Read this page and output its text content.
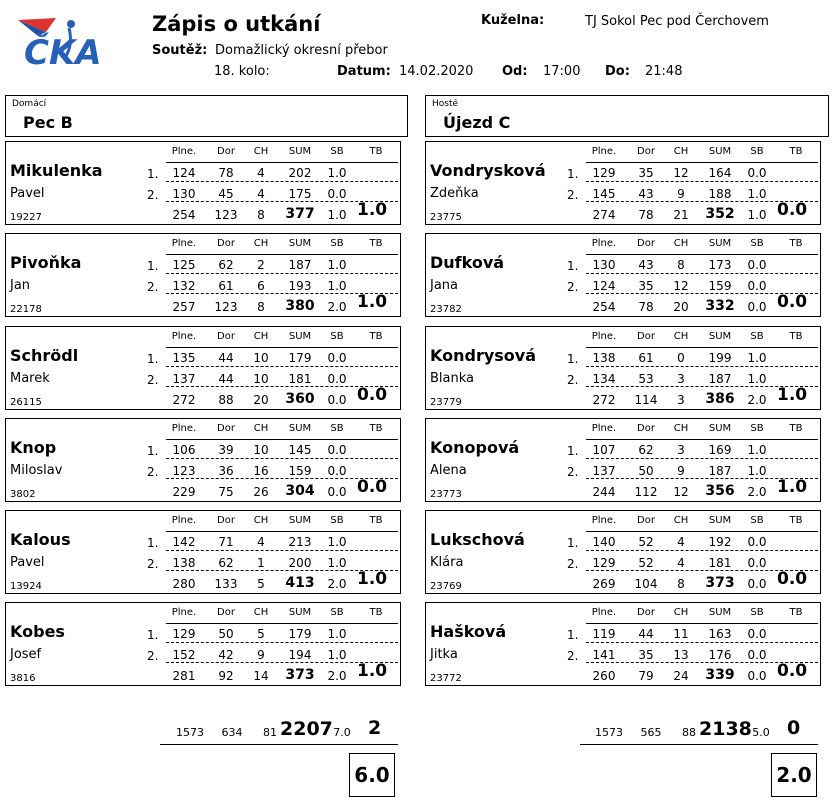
ČKA
Zápis o utkání	Kuželna:	TJ Sokol Pec pod Čerchovem
Soutěž: Domažlický okresní přebor
18. kolo:	Datum: 14.02.2020 Od: 17:00 Do: 21:48
Domácí
Pec B
Hosté
Újezd C
Mikulenka
Pavel
19227
Plne.	Dor	CH	SUM	SB	TB
1.	124	78	4	202	1.0
2.	130	45	4	175	0.0
254	123	8	377	1.0 1.0
Vondrysková
Zdeňka
23775
Plne.	Dor	CH	SUM	SB	TB
1.	129	35	12	164	0.0
2.	145	43	9	188	1.0
274	78	21	352	1.0 0.0
Pivoňka
Jan
22178
Plne.	Dor	CH	SUM	SB	TB
1.	125	62	2	187	1.0
2.	132	61	6	193	1.0
257	123	8	380	2.0 1.0
Dufková
Jana
23782
Plne.	Dor	CH	SUM	SB	TB
1.	130	43	8	173	0.0
2.	124	35	12	159	0.0
254	78	20	332	0.0 0.0
Schrödl
Marek
26115
Plne.	Dor	CH	SUM	SB	TB
1.	135	44	10	179	0.0
2.	137	44	10	181	0.0
272	88	20	360	0.0 0.0
Kondrysová
Blanka
23779
Plne.	Dor	CH	SUM	SB	TB
1.	138	61	0	199	1.0
2.	134	53	3	187	1.0
272	114	3	386	2.0 1.0
Knop
Miloslav
3802
Plne.	Dor	CH	SUM	SB	TB
1.	106	39	10	145	0.0
2.	123	36	16	159	0.0
229	75	26	304	0.0 0.0
Konopová
Alena
23773
Plne.	Dor	CH	SUM	SB	TB
1.	107	62	3	169	1.0
2.	137	50	9	187	1.0
244	112	12	356	2.0 1.0
Kalous
Pavel
13924
Plne.	Dor	CH	SUM	SB	TB
1.	142	71	4	213	1.0
2.	138	62	1	200	1.0
280	133	5	413	2.0 1.0
Lukschová
Klára
23769
Plne.	Dor	CH	SUM	SB	TB
1.	140	52	4	192	0.0
2.	129	52	4	181	0.0
269	104	8	373	0.0 0.0
Kobes
Josef
3816
Plne.	Dor	CH	SUM	SB	TB
1.	129	50	5	179	1.0
2.	152	42	9	194	1.0
281	92	14	373	2.0 1.0
Hašková
Jitka
23772
Plne.	Dor	CH	SUM	SB	TB
1.	119	44	11	163	0.0
2.	141	35	13	176	0.0
260	79	24	339	0.0 0.0
1573	634	81 2207 7.0 2	1573	565	88 2138 5.0 0
6.0	2.0
